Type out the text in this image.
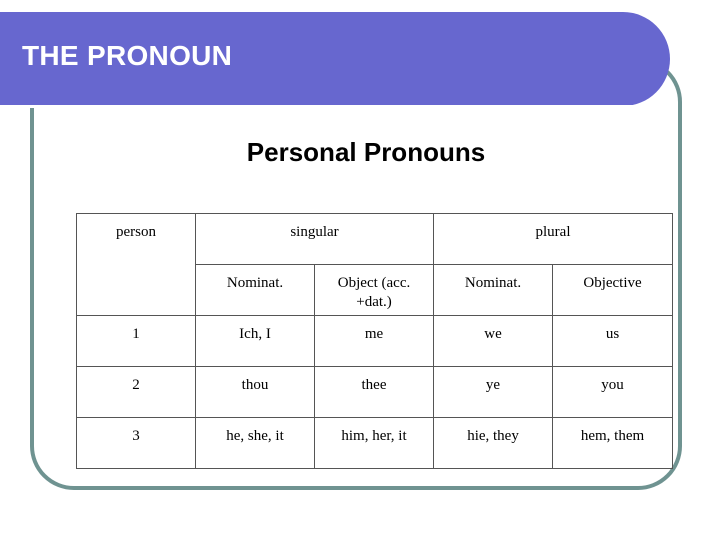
THE PRONOUN
Personal Pronouns
person	singular		plural	
	Nominat.	Object (acc. +dat.)	Nominat.	Objective
1	Ich, I	me	we	us
2	thou	thee	ye	you
3	he, she, it	him, her, it	hie, they	hem, them
